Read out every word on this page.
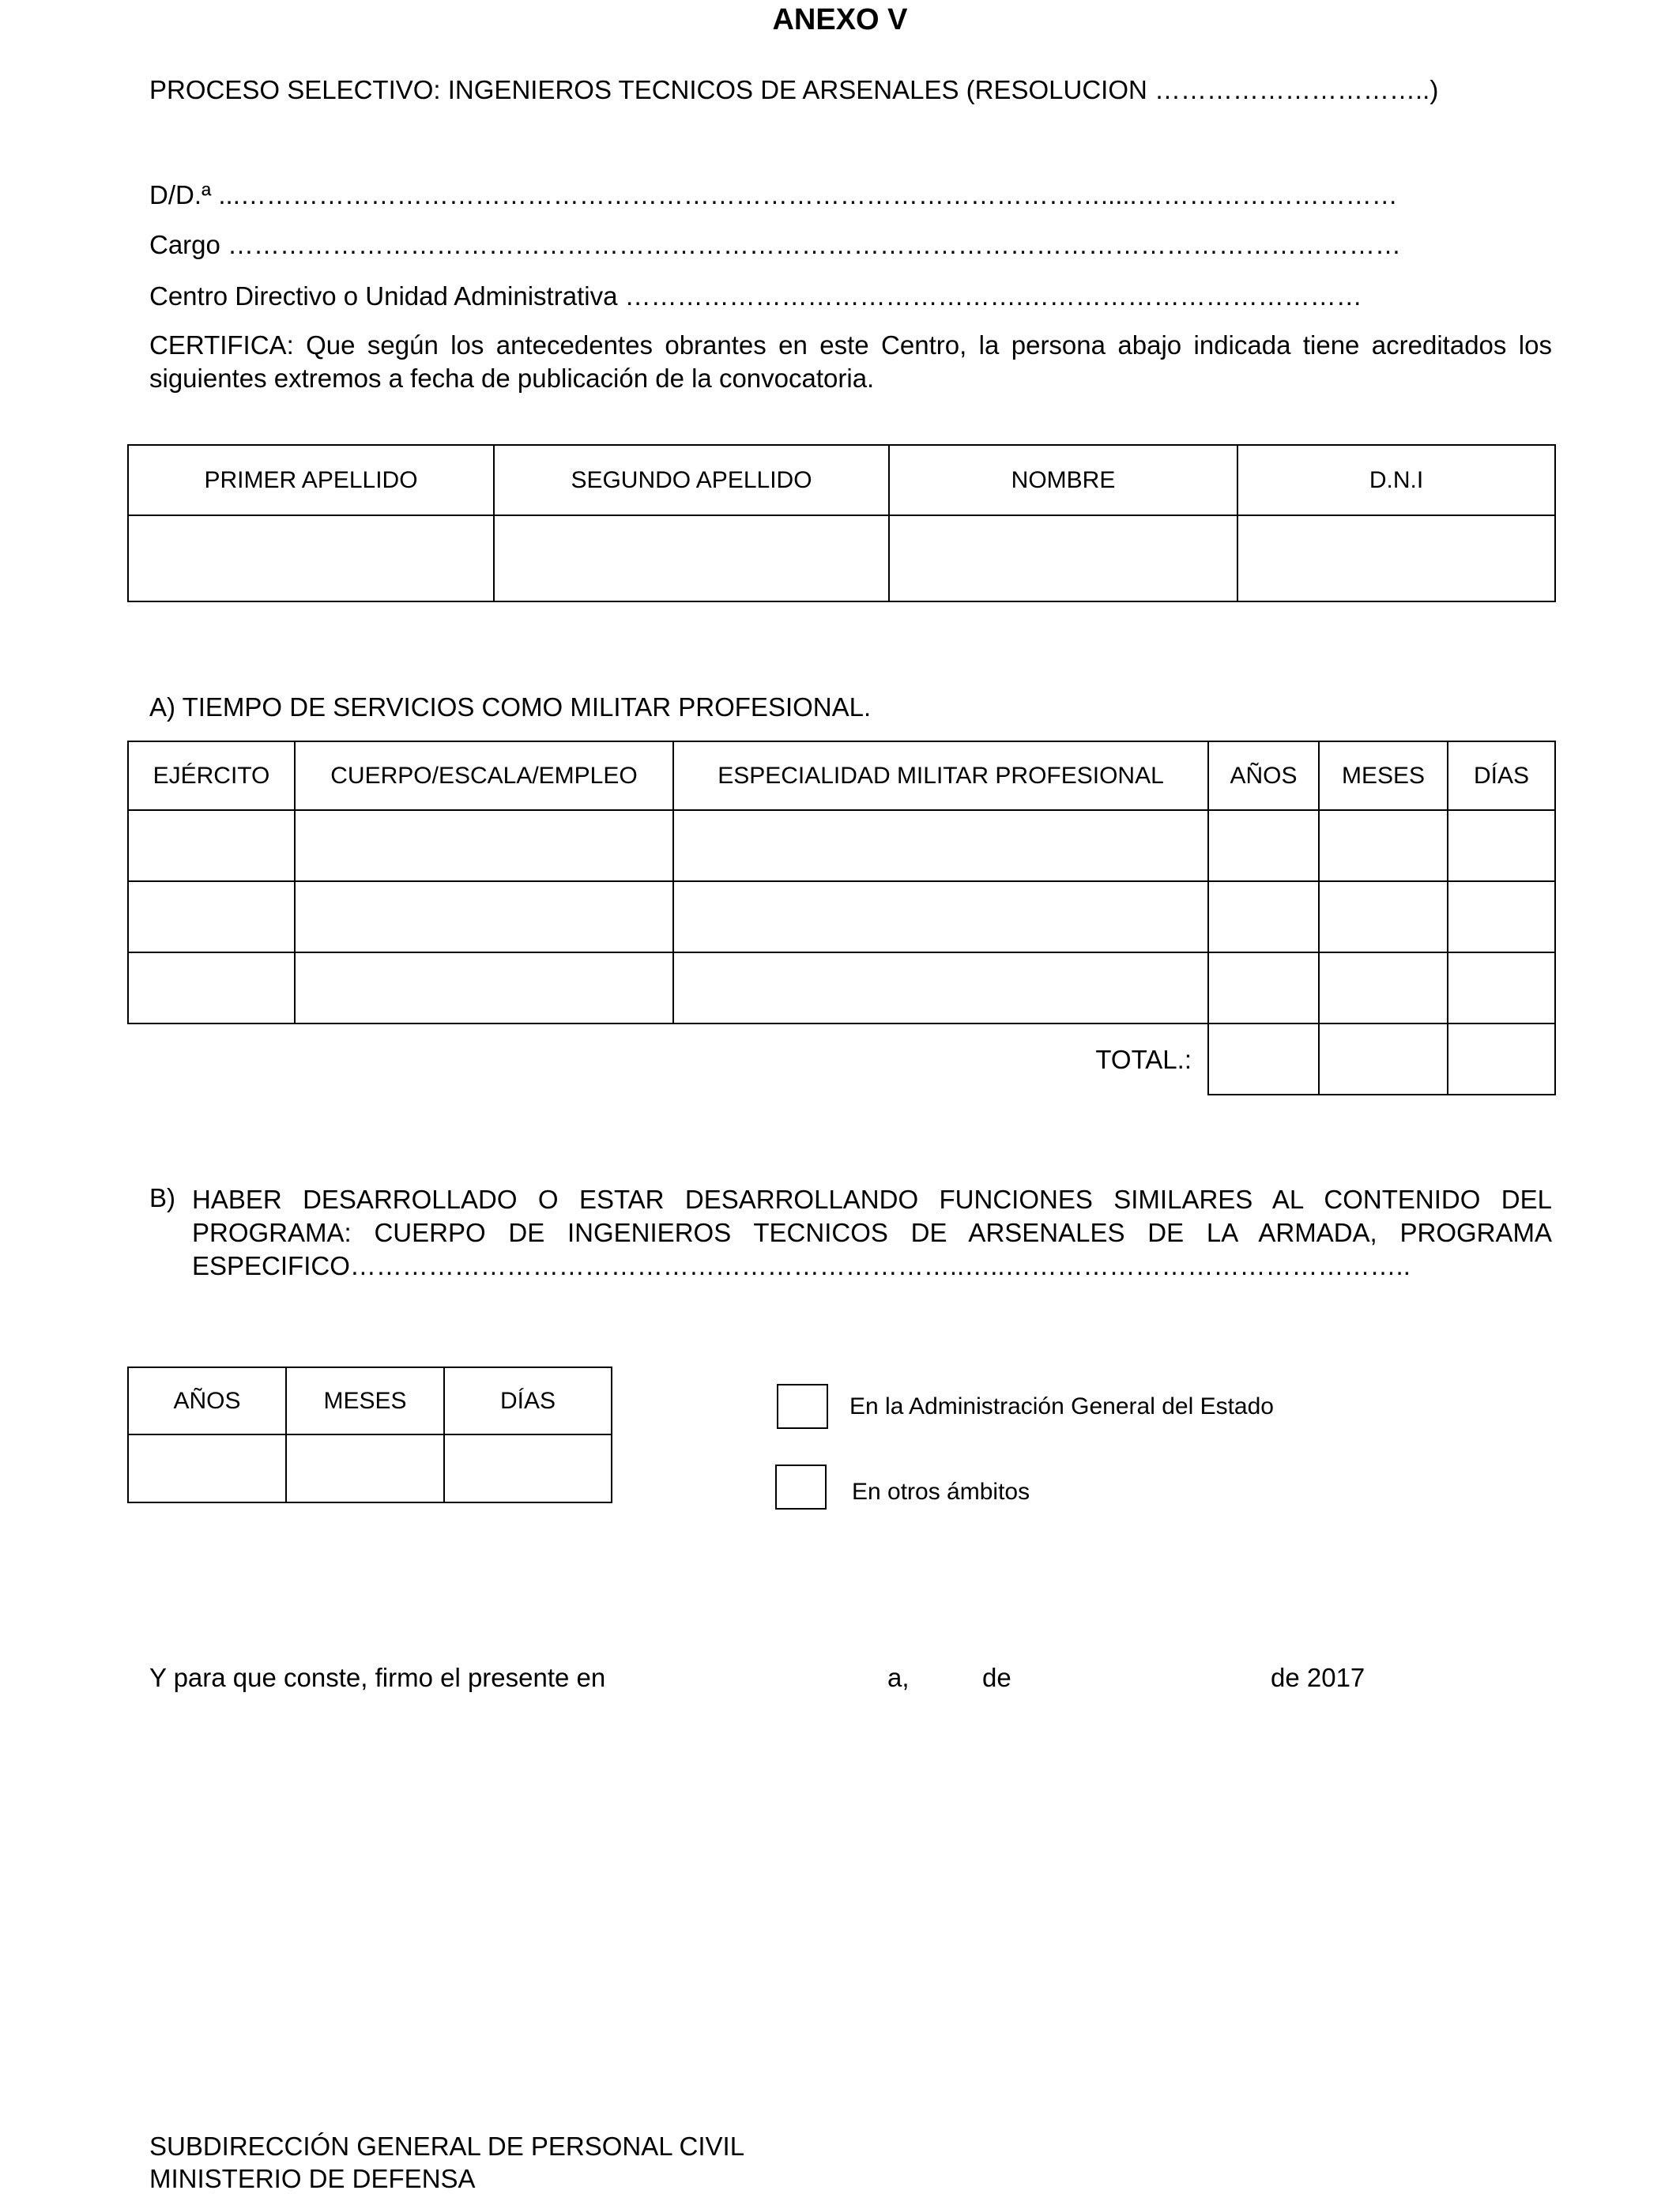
ANEXO V
PROCESO SELECTIVO: INGENIEROS TECNICOS DE ARSENALES (RESOLUCION …………………………..)
D/D.ª ...……………………………………………………………………………………….....…………………………
Cargo ………………………………………………………………………………………………………………………
Centro Directivo o Unidad Administrativa ……………………………………….…………………………………
CERTIFICA: Que según los antecedentes obrantes en este Centro, la persona abajo indicada tiene acreditados los siguientes extremos a fecha de publicación de la convocatoria.
PRIMER APELLIDO	SEGUNDO APELLIDO	NOMBRE	D.N.I

A) TIEMPO DE SERVICIOS COMO MILITAR PROFESIONAL.
EJÉRCITO	CUERPO/ESCALA/EMPLEO	ESPECIALIDAD MILITAR PROFESIONAL	AÑOS	MESES	DÍAS

TOTAL.:					
B) HABER DESARROLLADO O ESTAR DESARROLLANDO FUNCIONES SIMILARES AL CONTENIDO DEL PROGRAMA: CUERPO DE INGENIEROS TECNICOS DE ARSENALES DE LA ARMADA, PROGRAMA ESPECIFICO……………………………………………………………..…..………………………………………..
AÑOS	MESES	DÍAS
			En la Administración General del Estado
En otros ámbitos
Y para que conste, firmo el presente en	a,	de	de 2017
SUBDIRECCIÓN GENERAL DE PERSONAL CIVIL
MINISTERIO DE DEFENSA
